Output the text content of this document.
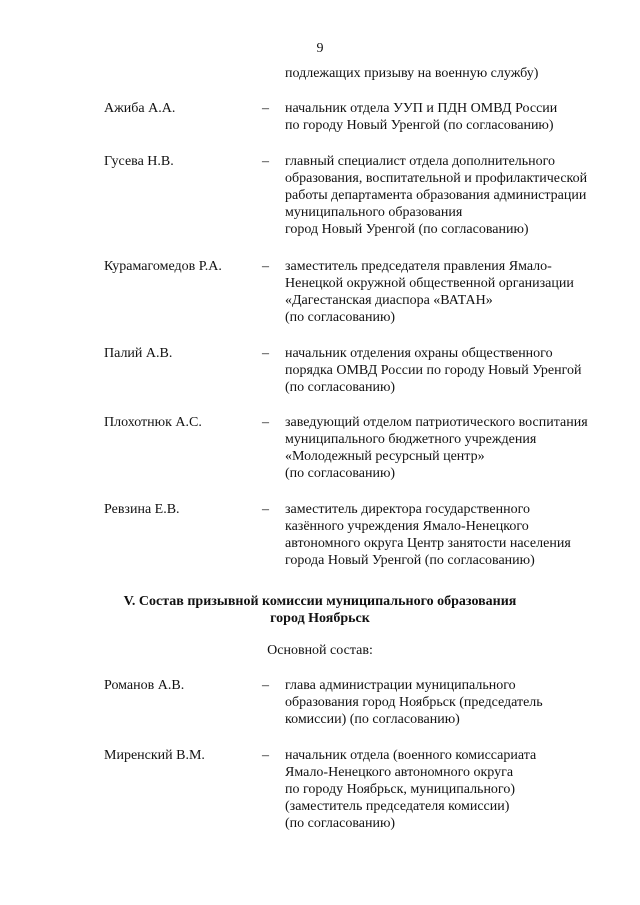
9
подлежащих призыву на военную службу)
Ажиба А.А.	– начальник отдела УУП и ПДН ОМВД России
по городу Новый Уренгой (по согласованию)
Гусева Н.В.	– главный специалист отдела дополнительного
образования, воспитательной и профилактической
работы департамента образования администрации
муниципального образования
город Новый Уренгой (по согласованию)
Курамагомедов Р.А.	– заместитель председателя правления Ямало-
Ненецкой окружной общественной организации
«Дагестанская диаспора «ВАТАН»
(по согласованию)
Палий А.В.	– начальник отделения охраны общественного
порядка ОМВД России по городу Новый Уренгой
(по согласованию)
Плохотнюк А.С.	– заведующий отделом патриотического воспитания
муниципального бюджетного учреждения
«Молодежный ресурсный центр»
(по согласованию)
Ревзина Е.В.	– заместитель директора государственного
казённого учреждения Ямало-Ненецкого
автономного округа Центр занятости населения
города Новый Уренгой (по согласованию)
V. Состав призывной комиссии муниципального образования
город Ноябрьск
Основной состав:
Романов А.В.	– глава администрации муниципального
образования город Ноябрьск (председатель
комиссии) (по согласованию)
Миренский В.М.	– начальник отдела (военного комиссариата
Ямало-Ненецкого автономного округа
по городу Ноябрьск, муниципального)
(заместитель председателя комиссии)
(по согласованию)
